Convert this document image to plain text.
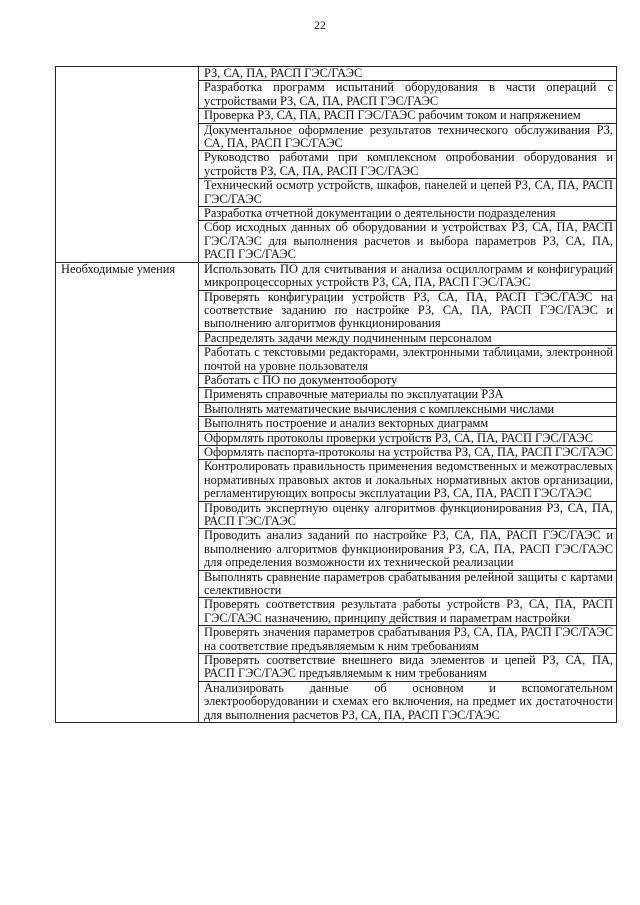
22

	РЗ, СА, ПА, РАСП ГЭС/ГАЭС

	Разработка программ испытаний оборудования в части операций с устройствами РЗ, СА, ПА, РАСП ГЭС/ГАЭС

	Проверка РЗ, СА, ПА, РАСП ГЭС/ГАЭС рабочим током и напряжением

	Документальное оформление результатов технического обслуживания РЗ, СА, ПА, РАСП ГЭС/ГАЭС

	Руководство работами при комплексном опробовании оборудования и устройств РЗ, СА, ПА, РАСП ГЭС/ГАЭС

	Технический осмотр устройств, шкафов, панелей и цепей РЗ, СА, ПА, РАСП ГЭС/ГАЭС

	Разработка отчетной документации о деятельности подразделения

	Сбор исходных данных об оборудовании и устройствах РЗ, СА, ПА, РАСП ГЭС/ГАЭС для выполнения расчетов и выбора параметров РЗ, СА, ПА, РАСП ГЭС/ГАЭС

Необходимые умения	Использовать ПО для считывания и анализа осциллограмм и конфигураций микропроцессорных устройств РЗ, СА, ПА, РАСП ГЭС/ГАЭС

	Проверять конфигурации устройств РЗ, СА, ПА, РАСП ГЭС/ГАЭС на соответствие заданию по настройке РЗ, СА, ПА, РАСП ГЭС/ГАЭС и выполнению алгоритмов функционирования

	Распределять задачи между подчиненным персоналом

	Работать с текстовыми редакторами, электронными таблицами, электронной почтой на уровне пользователя

	Работать с ПО по документообороту

	Применять справочные материалы по эксплуатации РЗА

	Выполнять математические вычисления с комплексными числами

	Выполнять построение и анализ векторных диаграмм

	Оформлять протоколы проверки устройств РЗ, СА, ПА, РАСП ГЭС/ГАЭС

	Оформлять паспорта-протоколы на устройства РЗ, СА, ПА, РАСП ГЭС/ГАЭС

	Контролировать правильность применения ведомственных и межотраслевых нормативных правовых актов и локальных нормативных актов организации, регламентирующих вопросы эксплуатации РЗ, СА, ПА, РАСП ГЭС/ГАЭС

	Проводить экспертную оценку алгоритмов функционирования РЗ, СА, ПА, РАСП ГЭС/ГАЭС

	Проводить анализ заданий по настройке РЗ, СА, ПА, РАСП ГЭС/ГАЭС и выполнению алгоритмов функционирования РЗ, СА, ПА, РАСП ГЭС/ГАЭС для определения возможности их технической реализации

	Выполнять сравнение параметров срабатывания релейной защиты с картами селективности

	Проверять соответствия результата работы устройств РЗ, СА, ПА, РАСП ГЭС/ГАЭС назначению, принципу действия и параметрам настройки

	Проверять значения параметров срабатывания РЗ, СА, ПА, РАСП ГЭС/ГАЭС на соответствие предъявляемым к ним требованиям

	Проверять соответствие внешнего вида элементов и цепей РЗ, СА, ПА, РАСП ГЭС/ГАЭС предъявляемым к ним требованиям

	Анализировать данные об основном и вспомогательном электрооборудовании и схемах его включения, на предмет их достаточности для выполнения расчетов РЗ, СА, ПА, РАСП ГЭС/ГАЭС
